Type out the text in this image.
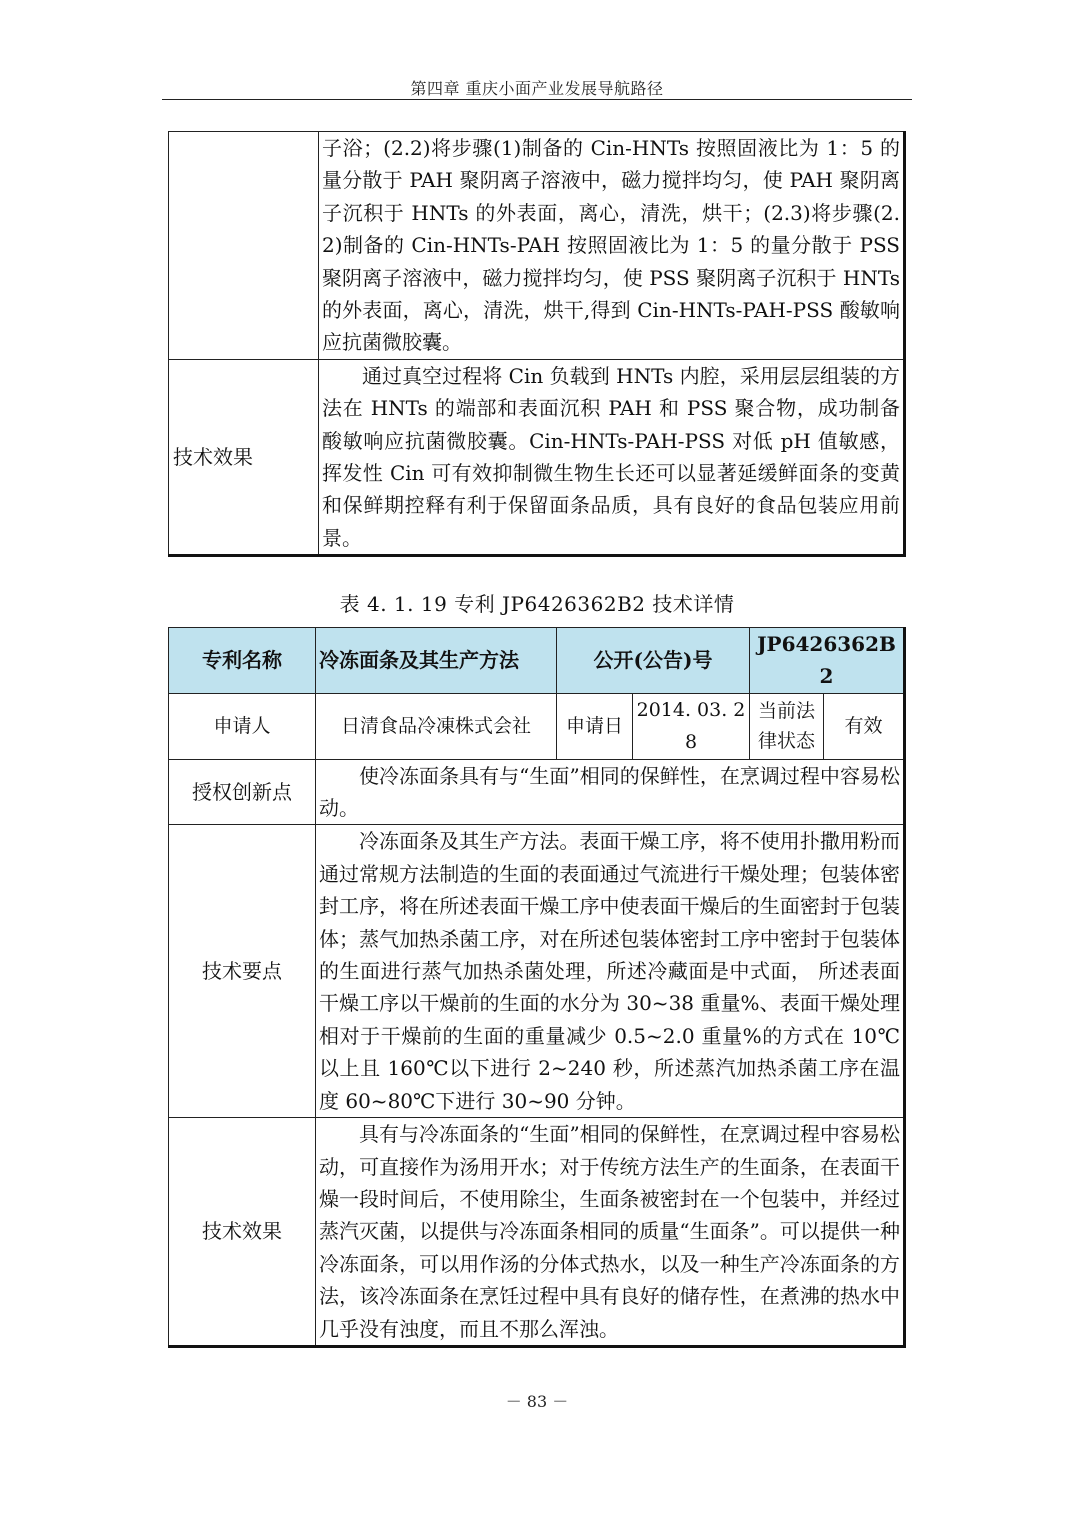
第四章 重庆小面产业发展导航路径
	子浴；(2.2)将步骤(1)制备的 Cin-HNTs 按照固液比为 1：5 的量分散于 PAH 聚阴离子溶液中，磁力搅拌均匀，使 PAH 聚阴离子沉积于 HNTs 的外表面，离心，清洗，烘干；(2.3)将步骤(2.2)制备的 Cin-HNTs-PAH 按照固液比为 1：5 的量分散于 PSS 聚阴离子溶液中，磁力搅拌均匀，使 PSS 聚阴离子沉积于 HNTs 的外表面，离心，清洗，烘干,得到 Cin-HNTs-PAH-PSS 酸敏响应抗菌微胶囊。
技术效果	通过真空过程将 Cin 负载到 HNTs 内腔，采用层层组装的方法在 HNTs 的端部和表面沉积 PAH 和 PSS 聚合物，成功制备酸敏响应抗菌微胶囊。Cin-HNTs-PAH-PSS 对低 pH 值敏感，挥发性 Cin 可有效抑制微生物生长还可以显著延缓鲜面条的变黄和保鲜期控释有利于保留面条品质，具有良好的食品包装应用前景。
表 4. 1. 19 专利 JP6426362B2 技术详情
专利名称	冷冻面条及其生产方法	公开(公告)号		JP6426362B2	
申请人	日清食品冷凍株式会社	申请日	2014. 03. 28	当前法律状态	有效
授权创新点	使冷冻面条具有与“生面”相同的保鲜性，在烹调过程中容易松动。				
技术要点	冷冻面条及其生产方法。表面干燥工序，将不使用扑撒用粉而通过常规方法制造的生面的表面通过气流进行干燥处理；包装体密封工序，将在所述表面干燥工序中使表面干燥后的生面密封于包装体；蒸气加热杀菌工序，对在所述包装体密封工序中密封于包装体的生面进行蒸气加热杀菌处理，所述冷藏面是中式面， 所述表面干燥工序以干燥前的生面的水分为 30~38 重量%、表面干燥处理相对于干燥前的生面的重量减少 0.5~2.0 重量%的方式在 10℃以上且 160℃以下进行 2~240 秒，所述蒸汽加热杀菌工序在温度 60~80℃下进行 30~90 分钟。				
技术效果	具有与冷冻面条的“生面”相同的保鲜性，在烹调过程中容易松动，可直接作为汤用开水；对于传统方法生产的生面条，在表面干燥一段时间后，不使用除尘，生面条被密封在一个包装中，并经过蒸汽灭菌，以提供与冷冻面条相同的质量“生面条”。可以提供一种冷冻面条，可以用作汤的分体式热水，以及一种生产冷冻面条的方法，该冷冻面条在烹饪过程中具有良好的储存性，在煮沸的热水中几乎没有浊度，而且不那么浑浊。				
－ 83 －
